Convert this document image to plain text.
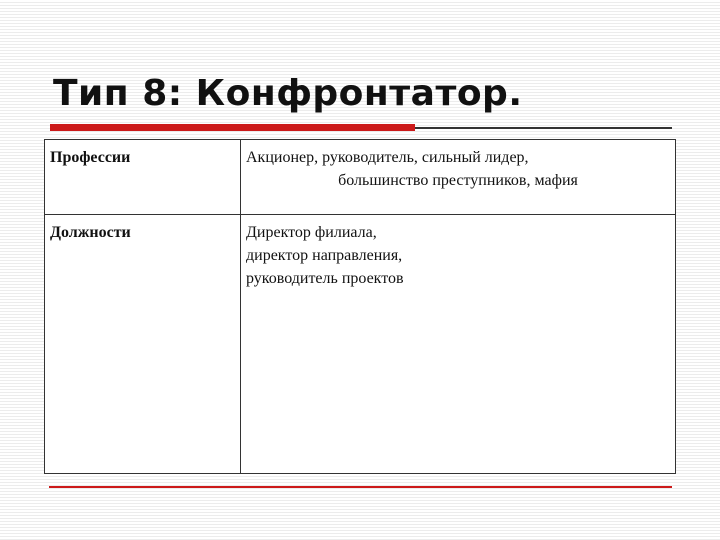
Тип 8: Конфронтатор.
Профессии	Акционер, руководитель, сильный лидер,
большинство преступников, мафия

Должности	Директор филиала,
директор направления,
руководитель проектов
